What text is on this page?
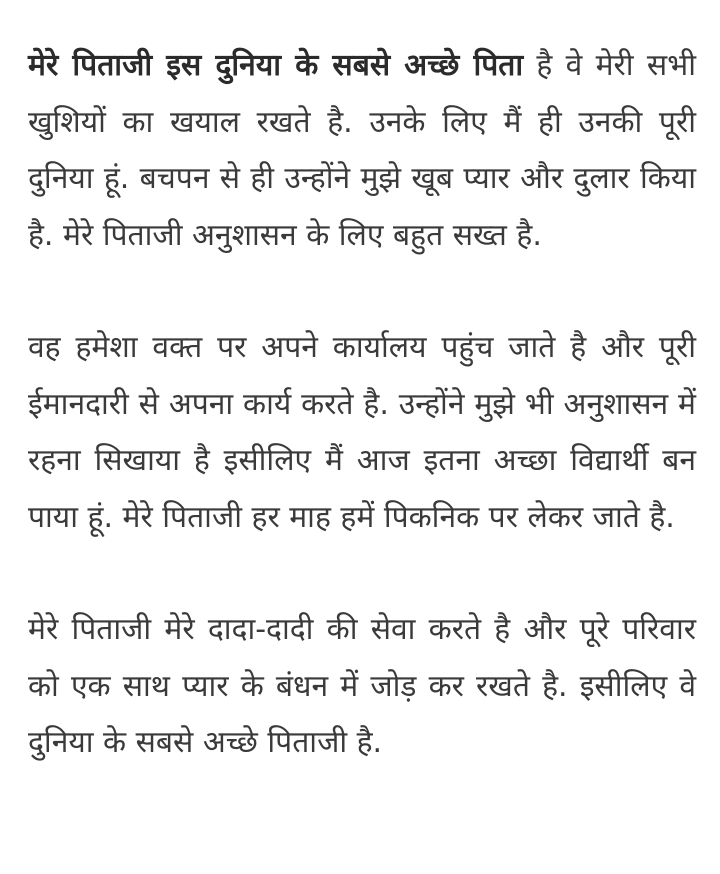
मेरे पिताजी इस दुनिया के सबसे अच्छे पिता है वे मेरी सभी खुशियों का खयाल रखते है. उनके लिए मैं ही उनकी पूरी दुनिया हूं. बचपन से ही उन्होंने मुझे खूब प्यार और दुलार किया है. मेरे पिताजी अनुशासन के लिए बहुत सख्त है.

वह हमेशा वक्त पर अपने कार्यालय पहुंच जाते है और पूरी ईमानदारी से अपना कार्य करते है. उन्होंने मुझे भी अनुशासन में रहना सिखाया है इसीलिए मैं आज इतना अच्छा विद्यार्थी बन पाया हूं. मेरे पिताजी हर माह हमें पिकनिक पर लेकर जाते है.

मेरे पिताजी मेरे दादा-दादी की सेवा करते है और पूरे परिवार को एक साथ प्यार के बंधन में जोड़ कर रखते है. इसीलिए वे दुनिया के सबसे अच्छे पिताजी है.
